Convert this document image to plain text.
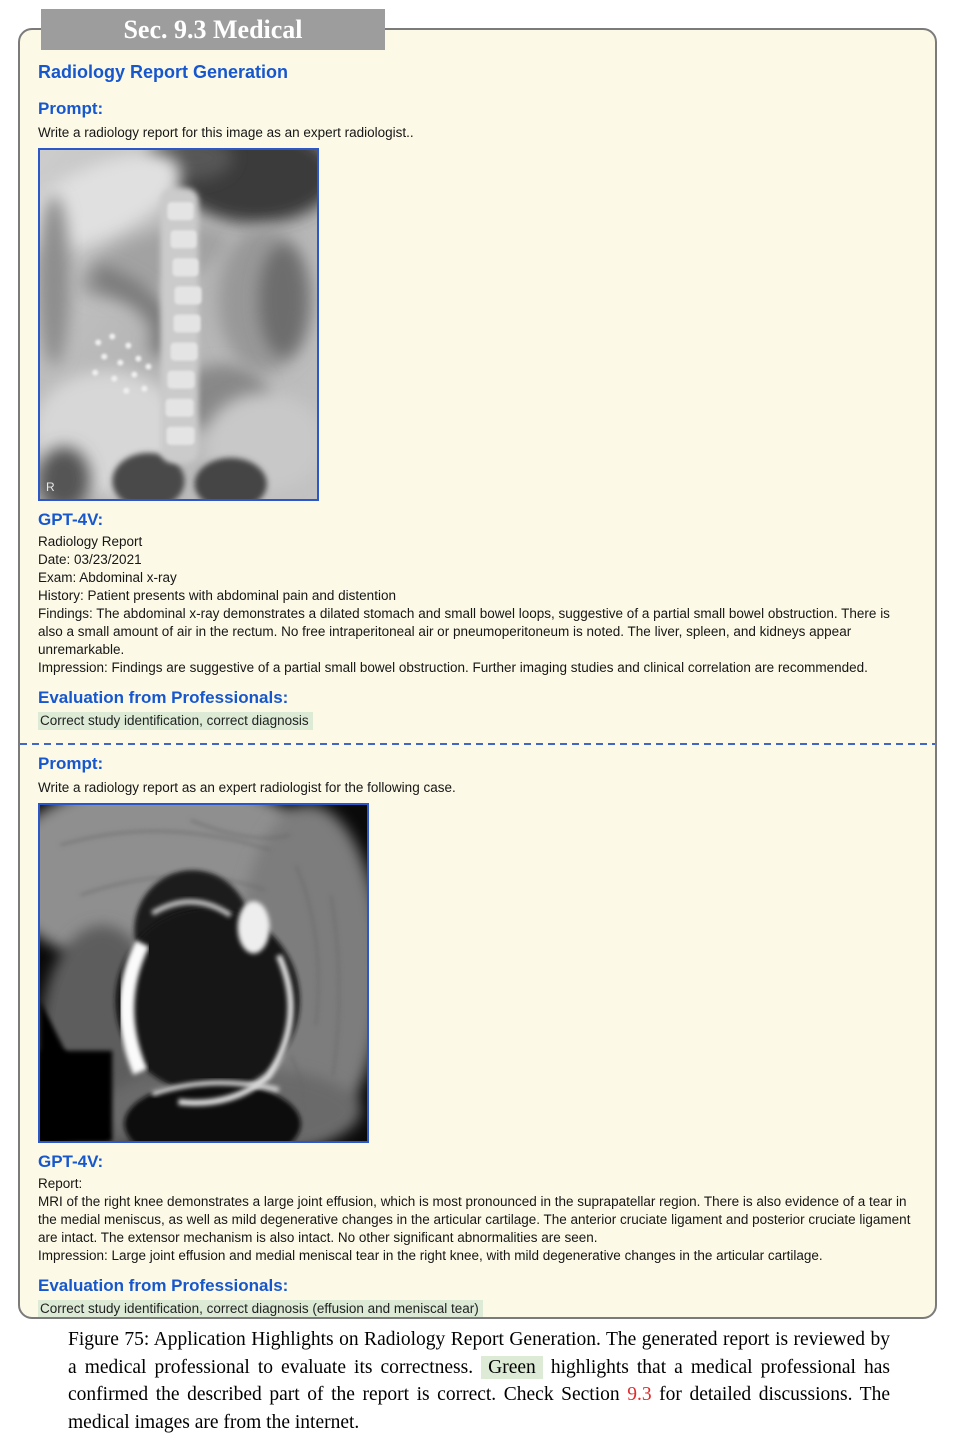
Radiology Report Generation
Prompt:
Write a radiology report for this image as an expert radiologist..
R
GPT-4V:
Radiology Report
Date: 03/23/2021
Exam: Abdominal x-ray
History: Patient presents with abdominal pain and distention
Findings: The abdominal x-ray demonstrates a dilated stomach and small bowel loops, suggestive of a partial small bowel obstruction. There is also a small amount of air in the rectum. No free intraperitoneal air or pneumoperitoneum is noted. The liver, spleen, and kidneys appear unremarkable.
Impression: Findings are suggestive of a partial small bowel obstruction. Further imaging studies and clinical correlation are recommended.
Evaluation from Professionals:
Correct study identification, correct diagnosis
Prompt:
Write a radiology report as an expert radiologist for the following case.
GPT-4V:
Report:
MRI of the right knee demonstrates a large joint effusion, which is most pronounced in the suprapatellar region. There is also evidence of a tear in the medial meniscus, as well as mild degenerative changes in the articular cartilage. The anterior cruciate ligament and posterior cruciate ligament are intact. The extensor mechanism is also intact. No other significant abnormalities are seen.
Impression: Large joint effusion and medial meniscal tear in the right knee, with mild degenerative changes in the articular cartilage.
Evaluation from Professionals:
Correct study identification, correct diagnosis (effusion and meniscal tear)
Sec. 9.3 Medical
Figure 75: Application Highlights on Radiology Report Generation. The generated report is reviewed by a medical professional to evaluate its correctness. Green highlights that a medical professional has confirmed the described part of the report is correct. Check Section 9.3 for detailed discussions. The medical images are from the internet.
